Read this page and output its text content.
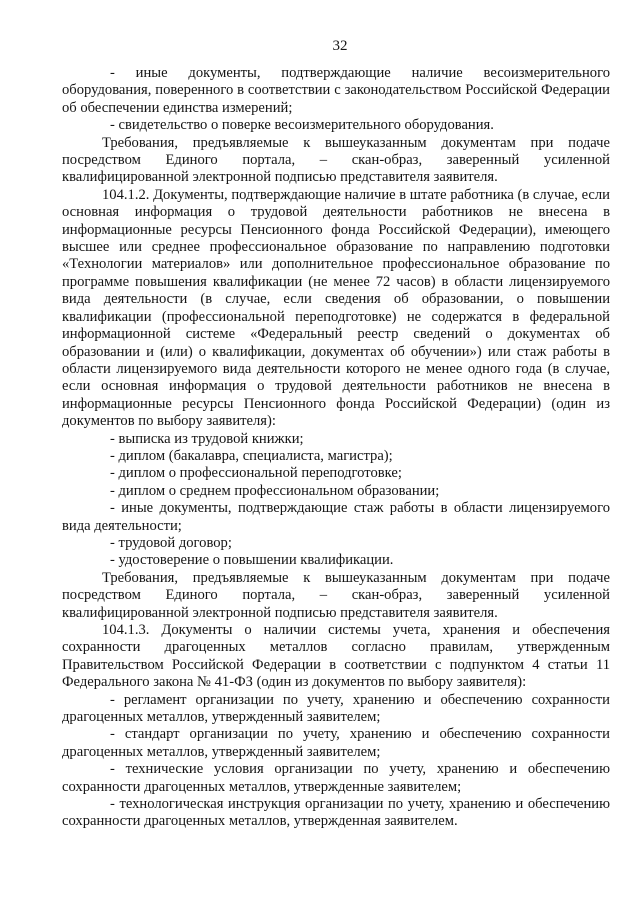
32

- иные документы, подтверждающие наличие весоизмерительного оборудования, поверенного в соответствии с законодательством Российской Федерации об обеспечении единства измерений;

- свидетельство о поверке весоизмерительного оборудования.

Требования, предъявляемые к вышеуказанным документам при подаче посредством Единого портала, – скан-образ, заверенный усиленной квалифицированной электронной подписью представителя заявителя.

104.1.2. Документы, подтверждающие наличие в штате работника (в случае, если основная информация о трудовой деятельности работников не внесена в информационные ресурсы Пенсионного фонда Российской Федерации), имеющего высшее или среднее профессиональное образование по направлению подготовки «Технологии материалов» или дополнительное профессиональное образование по программе повышения квалификации (не менее 72 часов) в области лицензируемого вида деятельности (в случае, если сведения об образовании, о повышении квалификации (профессиональной переподготовке) не содержатся в федеральной информационной системе «Федеральный реестр сведений о документах об образовании и (или) о квалификации, документах об обучении») или стаж работы в области лицензируемого вида деятельности которого не менее одного года (в случае, если основная информация о трудовой деятельности работников не внесена в информационные ресурсы Пенсионного фонда Российской Федерации) (один из документов по выбору заявителя):

- выписка из трудовой книжки;

- диплом (бакалавра, специалиста, магистра);

- диплом о профессиональной переподготовке;

- диплом о среднем профессиональном образовании;

- иные документы, подтверждающие стаж работы в области лицензируемого вида деятельности;

- трудовой договор;

- удостоверение о повышении квалификации.

Требования, предъявляемые к вышеуказанным документам при подаче посредством Единого портала, – скан-образ, заверенный усиленной квалифицированной электронной подписью представителя заявителя.

104.1.3. Документы о наличии системы учета, хранения и обеспечения сохранности драгоценных металлов согласно правилам, утвержденным Правительством Российской Федерации в соответствии с подпунктом 4 статьи 11 Федерального закона № 41-ФЗ (один из документов по выбору заявителя):

- регламент организации по учету, хранению и обеспечению сохранности драгоценных металлов, утвержденный заявителем;

- стандарт организации по учету, хранению и обеспечению сохранности драгоценных металлов, утвержденный заявителем;

- технические условия организации по учету, хранению и обеспечению сохранности драгоценных металлов, утвержденные заявителем;

- технологическая инструкция организации по учету, хранению и обеспечению сохранности драгоценных металлов, утвержденная заявителем.
